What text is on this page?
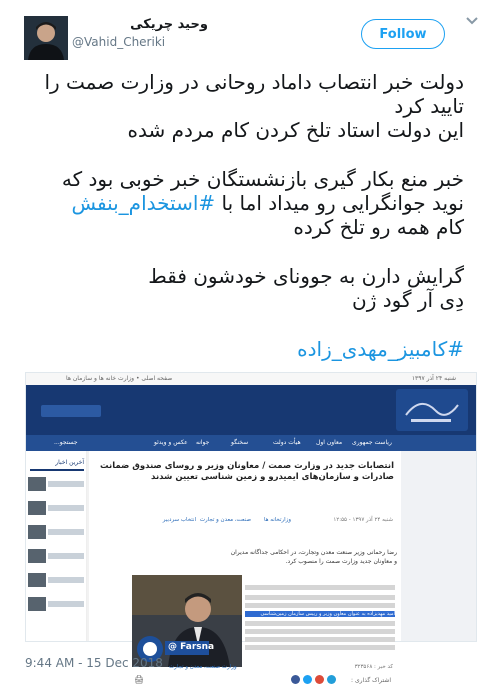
Follow
وحید چریکی
@Vahid_Cheriki
دولت خبر انتصاب داماد روحانی در وزارت صمت را
تایید کرد
این دولت استاد تلخ کردن کام مردم شده
خبر منع بکار گیری بازنشستگان خبر خوبی بود که
نوید جوانگرایی رو میداد اما با #استخدام_بنفش
کام همه رو تلخ کرده
گرایش دارن به جووناى خودشون فقط
دِی آر گود ژن
#کامبیز_مهدی_زاده
شنبه ۲۴ آذر ۱۳۹۷
صفحه اصلی • وزارت خانه ها و سازمان ها
ریاست جمهوری
معاون اول
هیأت دولت
سخنگو
جوانه
عکس و ویدئو
جستجو...
آخرین اخبار	انتصابات جدید در وزارت صمت / معاونان وزیر و روسای صندوق ضمانت صادرات و سازمان‌های ایمیدرو و زمین شناسی تعیین شدند
شنبه ۲۴ آذر ۱۳۹۷ - ۱۲:۵۵
وزارتخانه ها
صنعت، معدن و تجارت
انتخاب سردبیر
رضا رحمانی وزیر صنعت معدن وتجارت، در احکامی جداگانه مدیران و معاونان جدید وزارت صمت را منصوب کرد.
@ Farsna
امید مهدیزاده به عنوان معاون وزیر و رییس سازمان زمین‌شناسی
کد خبر : ۳۲۳۵۶۸
وزارت صنعت، معدن و تجارت
اشتراک گذاری :
🖨
9:44 AM - 15 Dec 2018
